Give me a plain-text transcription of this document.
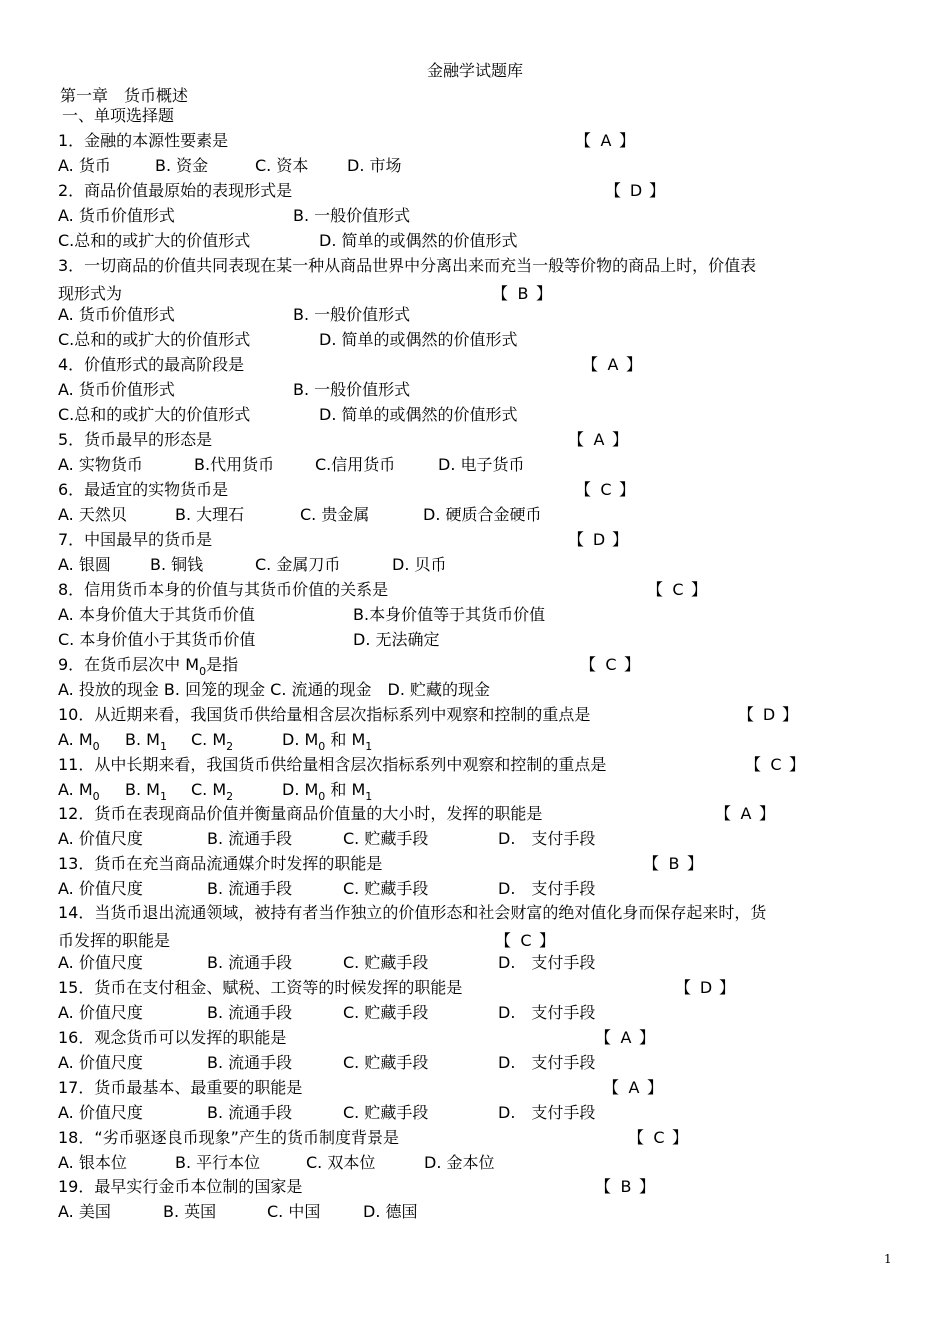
金融学试题库
第一章　货币概述
一、单项选择题
1．金融的本源性要素是	【 A 】
A. 货币	B. 资金	C. 资本 D. 市场
2．商品价值最原始的表现形式是	【 D 】
A. 货币价值形式	B. 一般价值形式
C.总和的或扩大的价值形式	D. 简单的或偶然的价值形式
3．一切商品的价值共同表现在某一种从商品世界中分离出来而充当一般等价物的商品上时，价值表
现形式为	【 B 】
A. 货币价值形式	B. 一般价值形式
C.总和的或扩大的价值形式	D. 简单的或偶然的价值形式
4．价值形式的最高阶段是	【 A 】
A. 货币价值形式	B. 一般价值形式
C.总和的或扩大的价值形式	D. 简单的或偶然的价值形式
5．货币最早的形态是	【 A 】
A. 实物货币	B.代用货币	C.信用货币	D. 电子货币
6．最适宜的实物货币是	【 C 】
A. 天然贝	B. 大理石	C. 贵金属	D. 硬质合金硬币
7．中国最早的货币是	【 D 】
A. 银圆 B. 铜钱	C. 金属刀币	D. 贝币
8．信用货币本身的价值与其货币价值的关系是	【 C 】
A. 本身价值大于其货币价值	B.本身价值等于其货币价值
C. 本身价值小于其货币价值	D. 无法确定
9．在货币层次中 $M_0$是指	【 C 】
A. 投放的现金 B. 回笼的现金 C. 流通的现金　D. 贮藏的现金
10．从近期来看，我国货币供给量相含层次指标系列中观察和控制的重点是	【 D 】
A. $M_0$ B. $M_1$ C. $M_2$	D. $M_0$ 和 $M_1$
11．从中长期来看，我国货币供给量相含层次指标系列中观察和控制的重点是	【 C 】
A. $M_0$ B. $M_1$ C. $M_2$	D. $M_0$ 和 $M_1$
12．货币在表现商品价值并衡量商品价值量的大小时，发挥的职能是	【 A 】
A. 价值尺度	B. 流通手段	C. 贮藏手段	D.　支付手段
13．货币在充当商品流通媒介时发挥的职能是	【 B 】
A. 价值尺度	B. 流通手段	C. 贮藏手段	D.　支付手段
14．当货币退出流通领域，被持有者当作独立的价值形态和社会财富的绝对值化身而保存起来时，货
币发挥的职能是	【 C 】
A. 价值尺度	B. 流通手段	C. 贮藏手段	D.　支付手段
15．货币在支付租金、赋税、工资等的时候发挥的职能是	【 D 】
A. 价值尺度	B. 流通手段	C. 贮藏手段	D.　支付手段
16．观念货币可以发挥的职能是	【 A 】
A. 价值尺度	B. 流通手段	C. 贮藏手段	D.　支付手段
17．货币最基本、最重要的职能是	【 A 】
A. 价值尺度	B. 流通手段	C. 贮藏手段	D.　支付手段
18．“劣币驱逐良币现象”产生的货币制度背景是	【 C 】
A. 银本位	B. 平行本位	C. 双本位	D. 金本位
19．最早实行金币本位制的国家是	【 B 】
A. 美国	B. 英国	C. 中国	D. 德国
1
